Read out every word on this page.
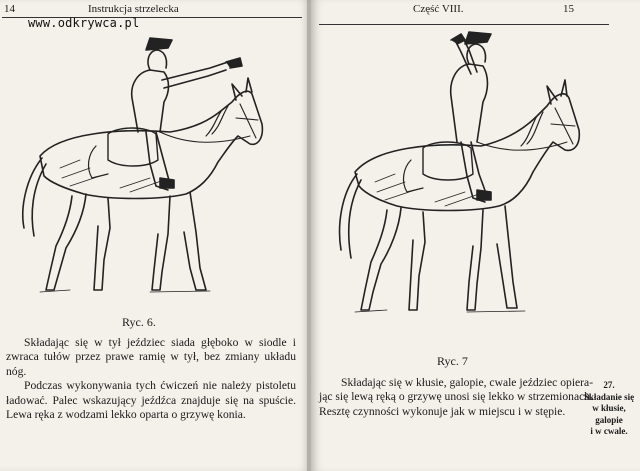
14	Instrukcja strzelecka
www.odkrywca.pl
Ryc. 6.

Składając się w tył jeździec siada głęboko w siodle i zwraca tułów przez prawe ramię w tył, bez zmiany układu nóg.

Podczas wykonywania tych ćwiczeń nie należy pistoletu ładować. Palec wskazujący jeźdźca znajduje się na spuście. Lewa ręka z wodzami lekko oparta o grzywę konia.

Część VIII.	15
Ryc. 7

Składając się w kłusie, galopie, cwale jeździec opiera-

jąc się lewą ręką o grzywę unosi się lekko w strzemionach.

Resztę czynności wykonuje jak w miejscu i w stępie.

27.
Składanie się
w kłusie,
galopie
i w cwale.
